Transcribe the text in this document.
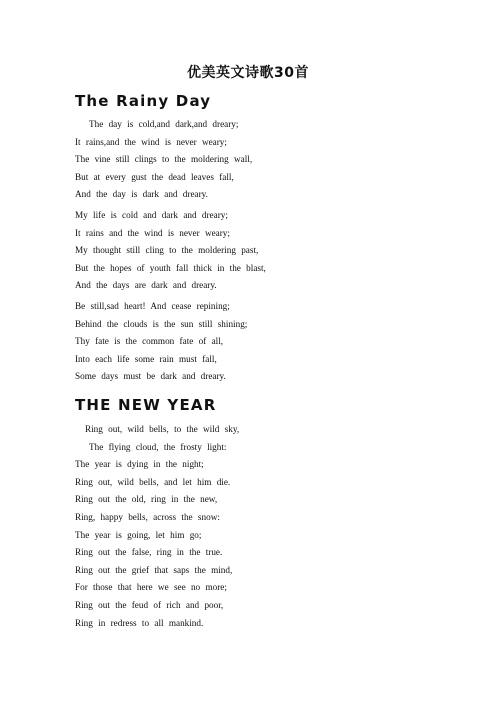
优美英文诗歌30首
The Rainy Day
The day is cold,and dark,and dreary;
It rains,and the wind is never weary;
The vine still clings to the moldering wall,
But at every gust the dead leaves fall,
And the day is dark and dreary.
My life is cold and dark and dreary;
It rains and the wind is never weary;
My thought still cling to the moldering past,
But the hopes of youth fall thick in the blast,
And the days are dark and dreary.
Be still,sad heart! And cease repining;
Behind the clouds is the sun still shining;
Thy fate is the common fate of all,
Into each life some rain must fall,
Some days must be dark and dreary.
THE NEW YEAR
Ring out, wild bells, to the wild sky,
The flying cloud, the frosty light:
The year is dying in the night;
Ring out, wild bells, and let him die.
Ring out the old, ring in the new,
Ring, happy bells, across the snow:
The year is going, let him go;
Ring out the false, ring in the true.
Ring out the grief that saps the mind,
For those that here we see no more;
Ring out the feud of rich and poor,
Ring in redress to all mankind.
